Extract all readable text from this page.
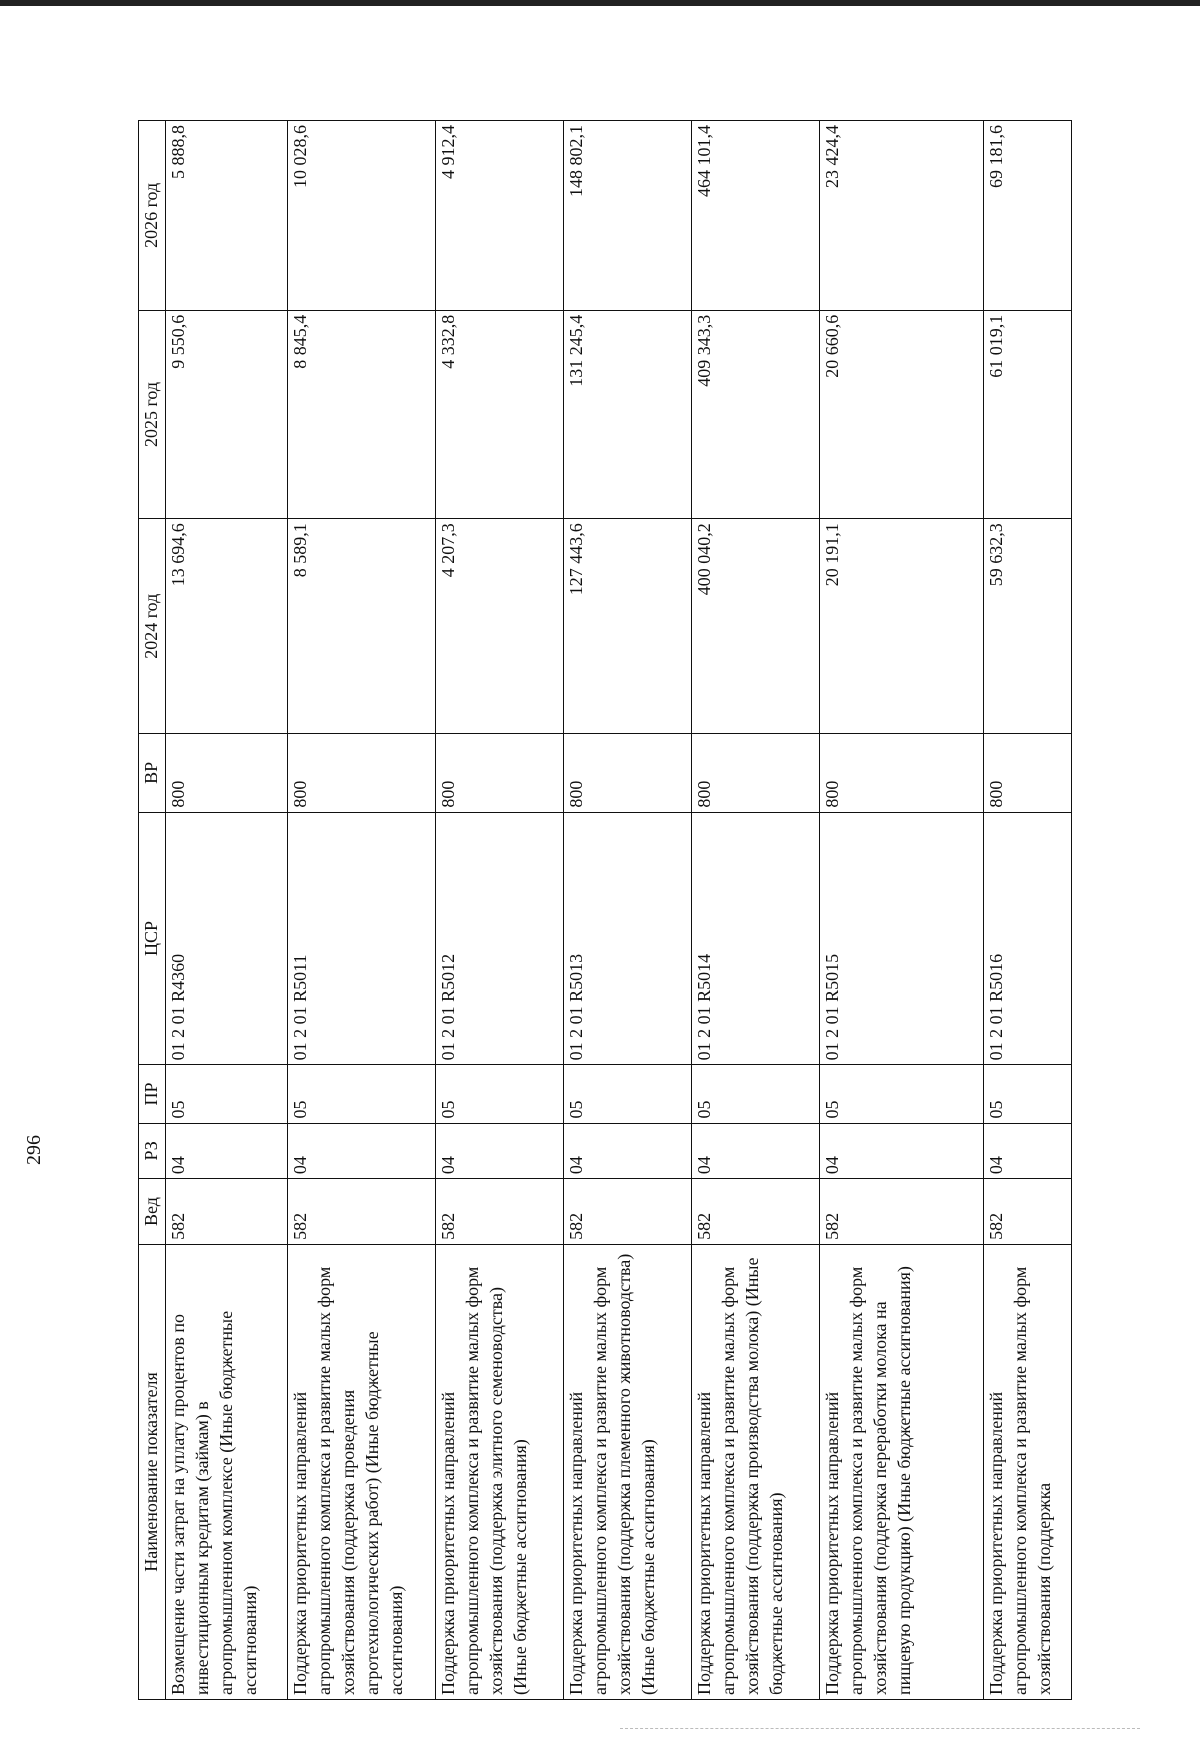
296
Наименование показателя	Вед	РЗ	ПР	ЦСР	ВР	2024 год	2025 год	2026 год
Возмещение части затрат на уплату процентов по инвестиционным кредитам (займам) в агропромышленном комплексе (Иные бюджетные ассигнования)	582	04	05	01 2 01 R4360	800	13 694,6	9 550,6	5 888,8
Поддержка приоритетных направлений агропромышленного комплекса и развитие малых форм хозяйствования (поддержка проведения агротехнологических работ) (Иные бюджетные ассигнования)	582	04	05	01 2 01 R5011	800	8 589,1	8 845,4	10 028,6
Поддержка приоритетных направлений агропромышленного комплекса и развитие малых форм хозяйствования (поддержка элитного семеноводства) (Иные бюджетные ассигнования)	582	04	05	01 2 01 R5012	800	4 207,3	4 332,8	4 912,4
Поддержка приоритетных направлений агропромышленного комплекса и развитие малых форм хозяйствования (поддержка племенного животноводства) (Иные бюджетные ассигнования)	582	04	05	01 2 01 R5013	800	127 443,6	131 245,4	148 802,1
Поддержка приоритетных направлений агропромышленного комплекса и развитие малых форм хозяйствования (поддержка производства молока) (Иные бюджетные ассигнования)	582	04	05	01 2 01 R5014	800	400 040,2	409 343,3	464 101,4
Поддержка приоритетных направлений агропромышленного комплекса и развитие малых форм хозяйствования (поддержка переработки молока на пищевую продукцию) (Иные бюджетные ассигнования)	582	04	05	01 2 01 R5015	800	20 191,1	20 660,6	23 424,4
Поддержка приоритетных направлений агропромышленного комплекса и развитие малых форм хозяйствования (поддержка	582	04	05	01 2 01 R5016	800	59 632,3	61 019,1	69 181,6
